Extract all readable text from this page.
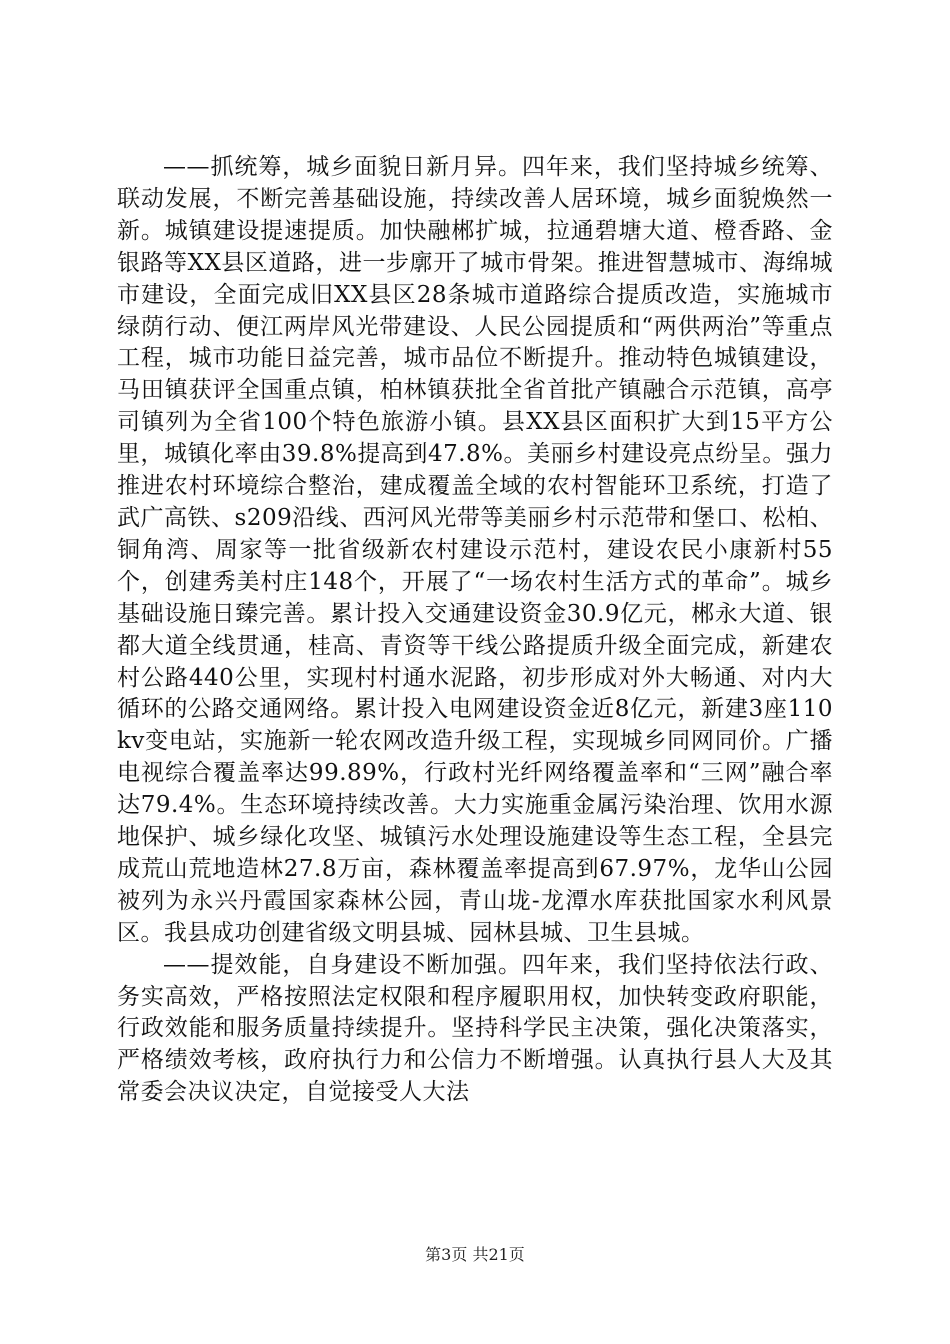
——抓统筹，城乡面貌日新月异。四年来，我们坚持城乡统筹、联动发展，不断完善基础设施，持续改善人居环境，城乡面貌焕然一新。城镇建设提速提质。加快融郴扩城，拉通碧塘大道、橙香路、金银路等XX县区道路，进一步廓开了城市骨架。推进智慧城市、海绵城市建设，全面完成旧XX县区28条城市道路综合提质改造，实施城市绿荫行动、便江两岸风光带建设、人民公园提质和“两供两治”等重点工程，城市功能日益完善，城市品位不断提升。推动特色城镇建设，马田镇获评全国重点镇，柏林镇获批全省首批产镇融合示范镇，高亭司镇列为全省100个特色旅游小镇。县XX县区面积扩大到15平方公里，城镇化率由39.8%提高到47.8%。美丽乡村建设亮点纷呈。强力推进农村环境综合整治，建成覆盖全域的农村智能环卫系统，打造了武广高铁、s209沿线、西河风光带等美丽乡村示范带和堡口、松柏、铜角湾、周家等一批省级新农村建设示范村，建设农民小康新村55个，创建秀美村庄148个，开展了“一场农村生活方式的革命”。城乡基础设施日臻完善。累计投入交通建设资金30.9亿元，郴永大道、银都大道全线贯通，桂高、青资等干线公路提质升级全面完成，新建农村公路440公里，实现村村通水泥路，初步形成对外大畅通、对内大循环的公路交通网络。累计投入电网建设资金近8亿元，新建3座110kv变电站，实施新一轮农网改造升级工程，实现城乡同网同价。广播电视综合覆盖率达99.89%，行政村光纤网络覆盖率和“三网”融合率达79.4%。生态环境持续改善。大力实施重金属污染治理、饮用水源地保护、城乡绿化攻坚、城镇污水处理设施建设等生态工程，全县完成荒山荒地造林27.8万亩，森林覆盖率提高到67.97%，龙华山公园被列为永兴丹霞国家森林公园，青山垅-龙潭水库获批国家水利风景区。我县成功创建省级文明县城、园林县城、卫生县城。

——提效能，自身建设不断加强。四年来，我们坚持依法行政、务实高效，严格按照法定权限和程序履职用权，加快转变政府职能，行政效能和服务质量持续提升。坚持科学民主决策，强化决策落实，严格绩效考核，政府执行力和公信力不断增强。认真执行县人大及其常委会决议决定，自觉接受人大法

第3页 共21页
